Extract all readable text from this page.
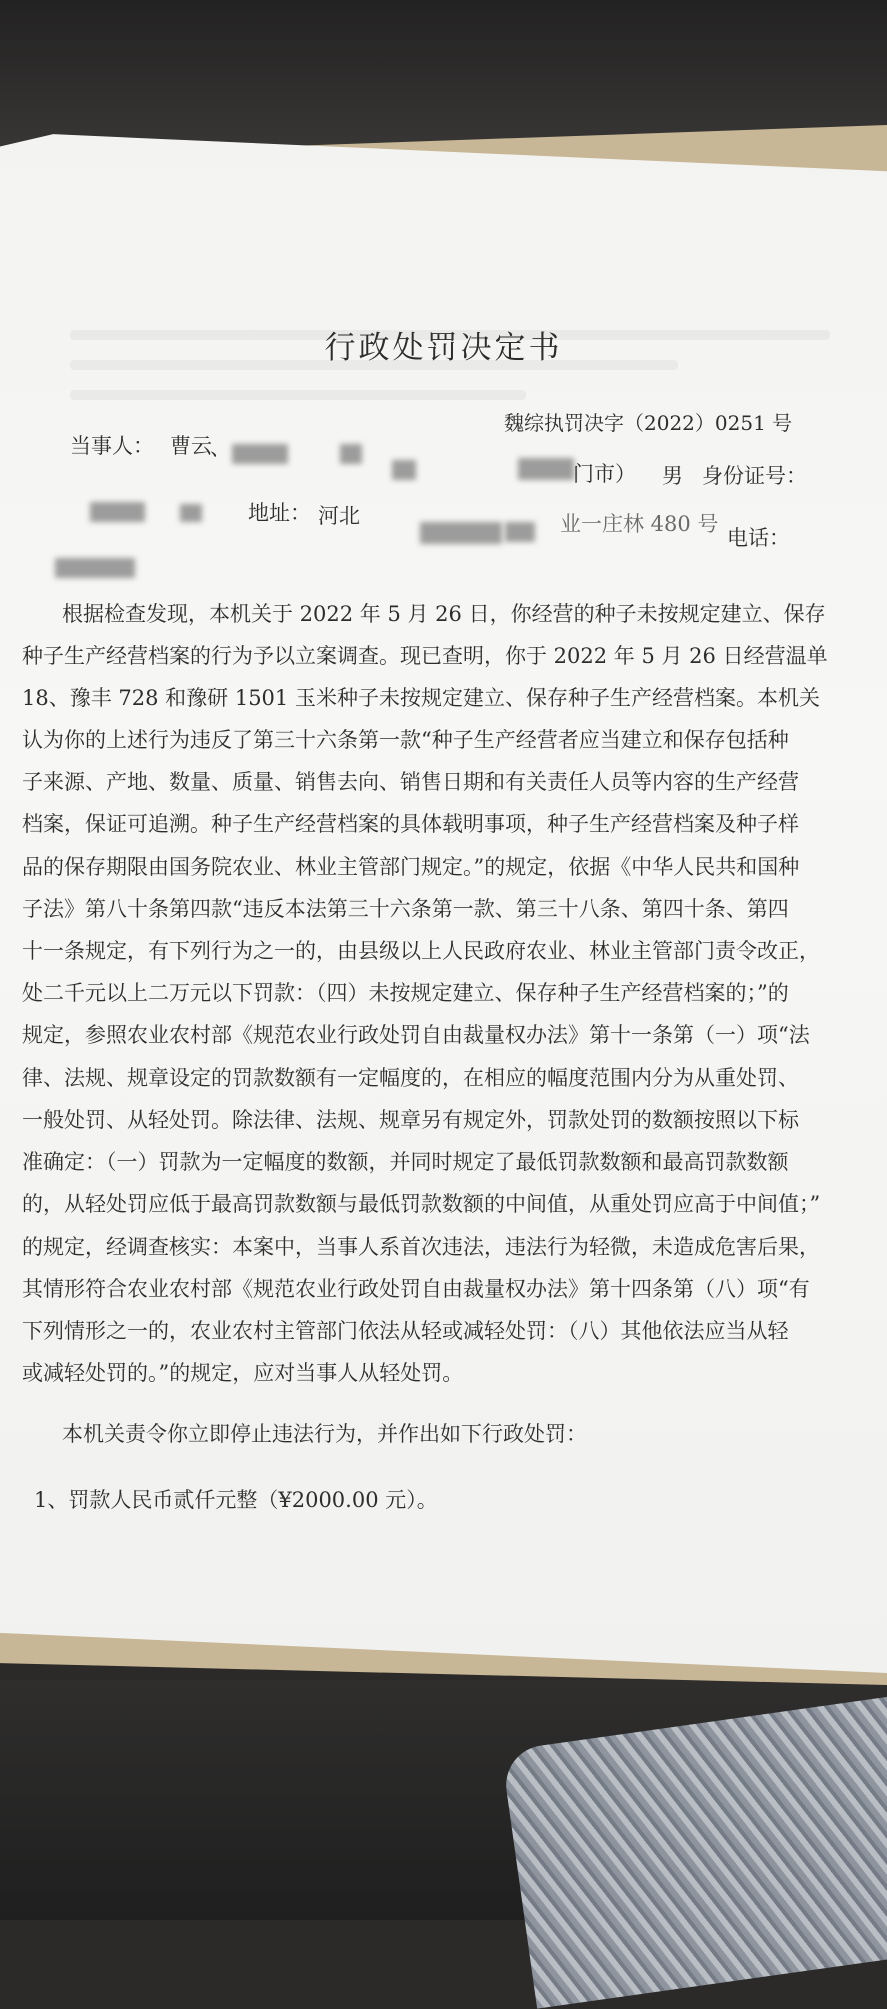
行政处罚决定书
魏综执罚决字（2022）0251 号
当事人： 曹云
、
门市） 男 身份证号：
地址： 河北	业一庄林 480 号
电话：
根据检查发现，本机关于 2022 年 5 月 26 日，你经营的种子未按规定建立、保存
种子生产经营档案的行为予以立案调查。现已查明，你于 2022 年 5 月 26 日经营温单
18、豫丰 728 和豫研 1501 玉米种子未按规定建立、保存种子生产经营档案。本机关
认为你的上述行为违反了第三十六条第一款“种子生产经营者应当建立和保存包括种
子来源、产地、数量、质量、销售去向、销售日期和有关责任人员等内容的生产经营
档案，保证可追溯。种子生产经营档案的具体载明事项，种子生产经营档案及种子样
品的保存期限由国务院农业、林业主管部门规定。”的规定，依据《中华人民共和国种
子法》第八十条第四款“违反本法第三十六条第一款、第三十八条、第四十条、第四
十一条规定，有下列行为之一的，由县级以上人民政府农业、林业主管部门责令改正，
处二千元以上二万元以下罚款：（四）未按规定建立、保存种子生产经营档案的；”的
规定，参照农业农村部《规范农业行政处罚自由裁量权办法》第十一条第（一）项“法
律、法规、规章设定的罚款数额有一定幅度的，在相应的幅度范围内分为从重处罚、
一般处罚、从轻处罚。除法律、法规、规章另有规定外，罚款处罚的数额按照以下标
准确定：（一）罚款为一定幅度的数额，并同时规定了最低罚款数额和最高罚款数额
的，从轻处罚应低于最高罚款数额与最低罚款数额的中间值，从重处罚应高于中间值；”
的规定，经调查核实：本案中，当事人系首次违法，违法行为轻微，未造成危害后果，
其情形符合农业农村部《规范农业行政处罚自由裁量权办法》第十四条第（八）项“有
下列情形之一的，农业农村主管部门依法从轻或减轻处罚：（八）其他依法应当从轻
或减轻处罚的。”的规定，应对当事人从轻处罚。
本机关责令你立即停止违法行为，并作出如下行政处罚：
1、罚款人民币贰仟元整（¥2000.00 元）。
